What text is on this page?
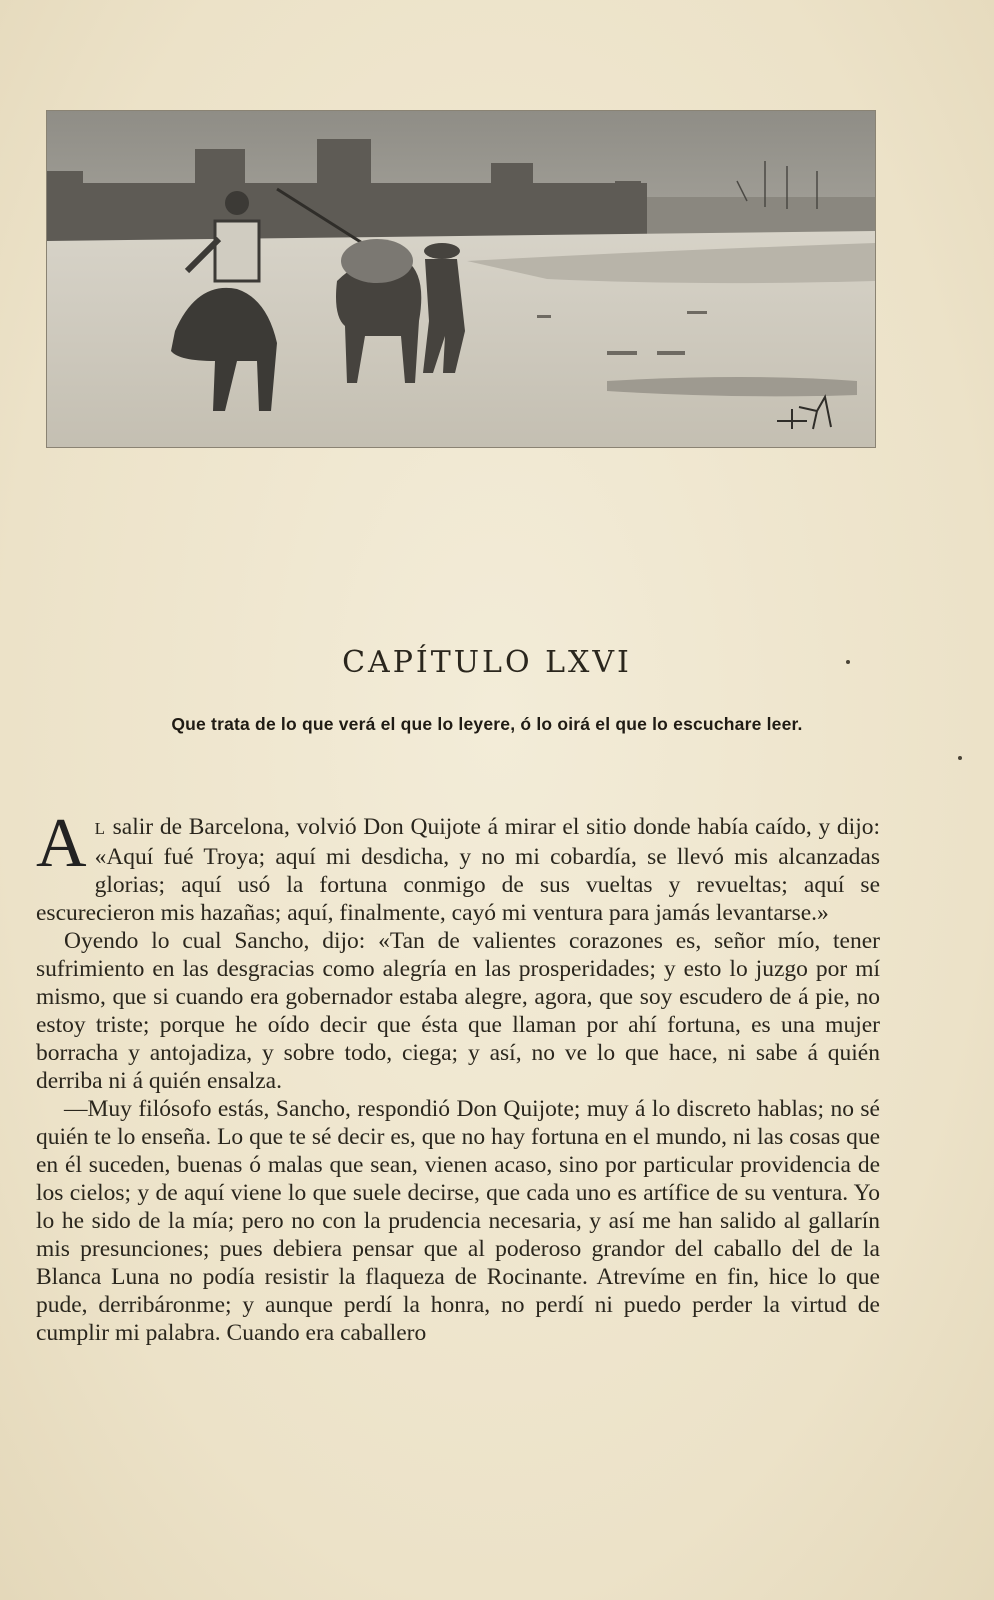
CAPÍTULO LXVI
Que trata de lo que verá el que lo leyere, ó lo oirá el que lo escuchare leer.

A L salir de Barcelona, volvió Don Quijote á mirar el sitio donde había caído, y dijo: «Aquí fué Troya; aquí mi desdicha, y no mi cobardía, se llevó mis alcanzadas glorias; aquí usó la fortuna conmigo de sus vueltas y revueltas; aquí se escurecieron mis hazañas; aquí, finalmente, cayó mi ventura para jamás levantarse.»

Oyendo lo cual Sancho, dijo: «Tan de valientes corazones es, señor mío, tener sufrimiento en las desgracias como alegría en las prosperidades; y esto lo juzgo por mí mismo, que si cuando era gobernador estaba alegre, agora, que soy escudero de á pie, no estoy triste; porque he oído decir que ésta que llaman por ahí fortuna, es una mujer borracha y antojadiza, y sobre todo, ciega; y así, no ve lo que hace, ni sabe á quién derriba ni á quién ensalza.

—Muy filósofo estás, Sancho, respondió Don Quijote; muy á lo discreto hablas; no sé quién te lo enseña. Lo que te sé decir es, que no hay fortuna en el mundo, ni las cosas que en él suceden, buenas ó malas que sean, vienen acaso, sino por particular providencia de los cielos; y de aquí viene lo que suele decirse, que cada uno es artífice de su ventura. Yo lo he sido de la mía; pero no con la prudencia necesaria, y así me han salido al gallarín mis presunciones; pues debiera pensar que al poderoso grandor del caballo del de la Blanca Luna no podía resistir la flaqueza de Rocinante. Atrevíme en fin, hice lo que pude, derribáronme; y aunque perdí la honra, no perdí ni puedo perder la virtud de cumplir mi palabra. Cuando era caballero
